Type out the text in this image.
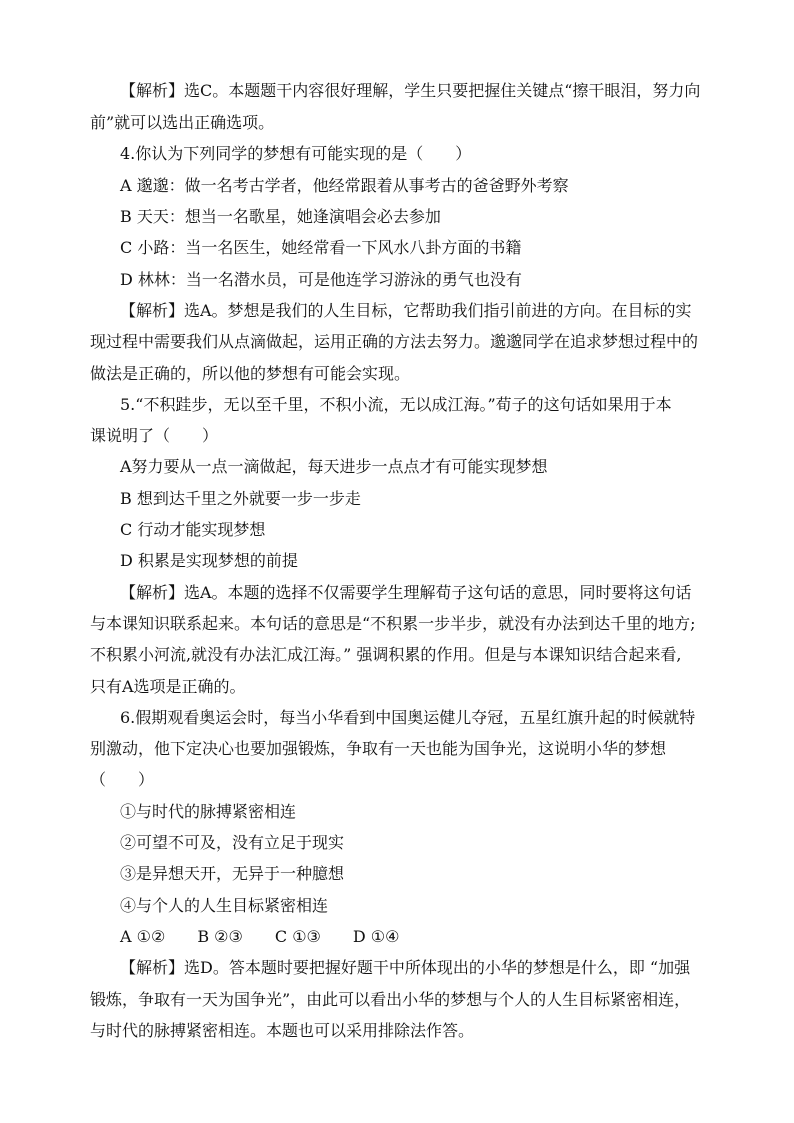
【解析】选C。本题题干内容很好理解，学生只要把握住关键点“擦干眼泪，努力向
前”就可以选出正确选项。
4.你认为下列同学的梦想有可能实现的是（　　）
A 邈邈：做一名考古学者，他经常跟着从事考古的爸爸野外考察
B 天天：想当一名歌星，她逢演唱会必去参加
C 小路：当一名医生，她经常看一下风水八卦方面的书籍
D 林林：当一名潜水员，可是他连学习游泳的勇气也没有
【解析】选A。梦想是我们的人生目标，它帮助我们指引前进的方向。在目标的实
现过程中需要我们从点滴做起，运用正确的方法去努力。邈邈同学在追求梦想过程中的
做法是正确的，所以他的梦想有可能会实现。
5.“不积跬步，无以至千里，不积小流，无以成江海。”荀子的这句话如果用于本
课说明了（　　）
A努力要从一点一滴做起，每天进步一点点才有可能实现梦想
B 想到达千里之外就要一步一步走
C 行动才能实现梦想
D 积累是实现梦想的前提
【解析】选A。本题的选择不仅需要学生理解荀子这句话的意思，同时要将这句话
与本课知识联系起来。本句话的意思是“不积累一步半步，就没有办法到达千里的地方;
不积累小河流,就没有办法汇成江海。” 强调积累的作用。但是与本课知识结合起来看,
只有A选项是正确的。
6.假期观看奥运会时，每当小华看到中国奥运健儿夺冠，五星红旗升起的时候就特
别激动，他下定决心也要加强锻炼，争取有一天也能为国争光，这说明小华的梦想
（　　）
①与时代的脉搏紧密相连
②可望不可及，没有立足于现实
③是异想天开，无异于一种臆想
④与个人的人生目标紧密相连
A ①②　　B ②③　　C ①③　　D ①④
【解析】选D。答本题时要把握好题干中所体现出的小华的梦想是什么，即 “加强
锻炼，争取有一天为国争光”，由此可以看出小华的梦想与个人的人生目标紧密相连，
与时代的脉搏紧密相连。本题也可以采用排除法作答。
